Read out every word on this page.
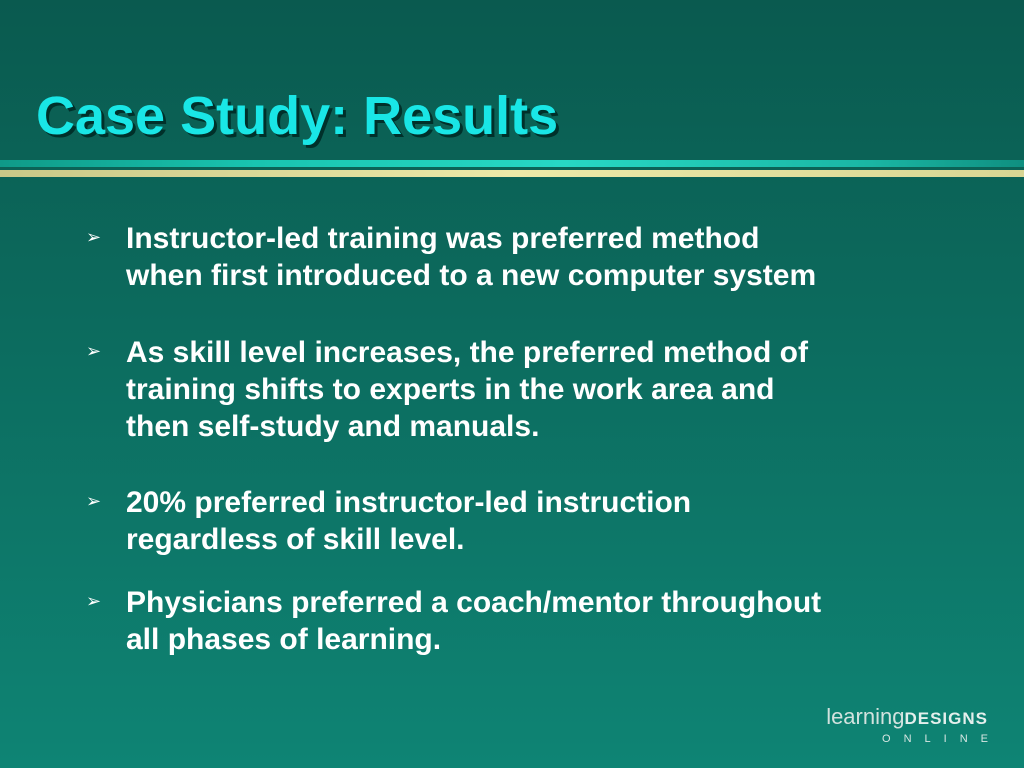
Case Study: Results
➢ Instructor-led training was preferred method
when first introduced to a new computer system
➢ As skill level increases, the preferred method of
training shifts to experts in the work area and
then self-study and manuals.
➢ 20% preferred instructor-led instruction
regardless of skill level.
➢ Physicians preferred a coach/mentor throughout
all phases of learning.
learningDESIGNS
ONLINE
